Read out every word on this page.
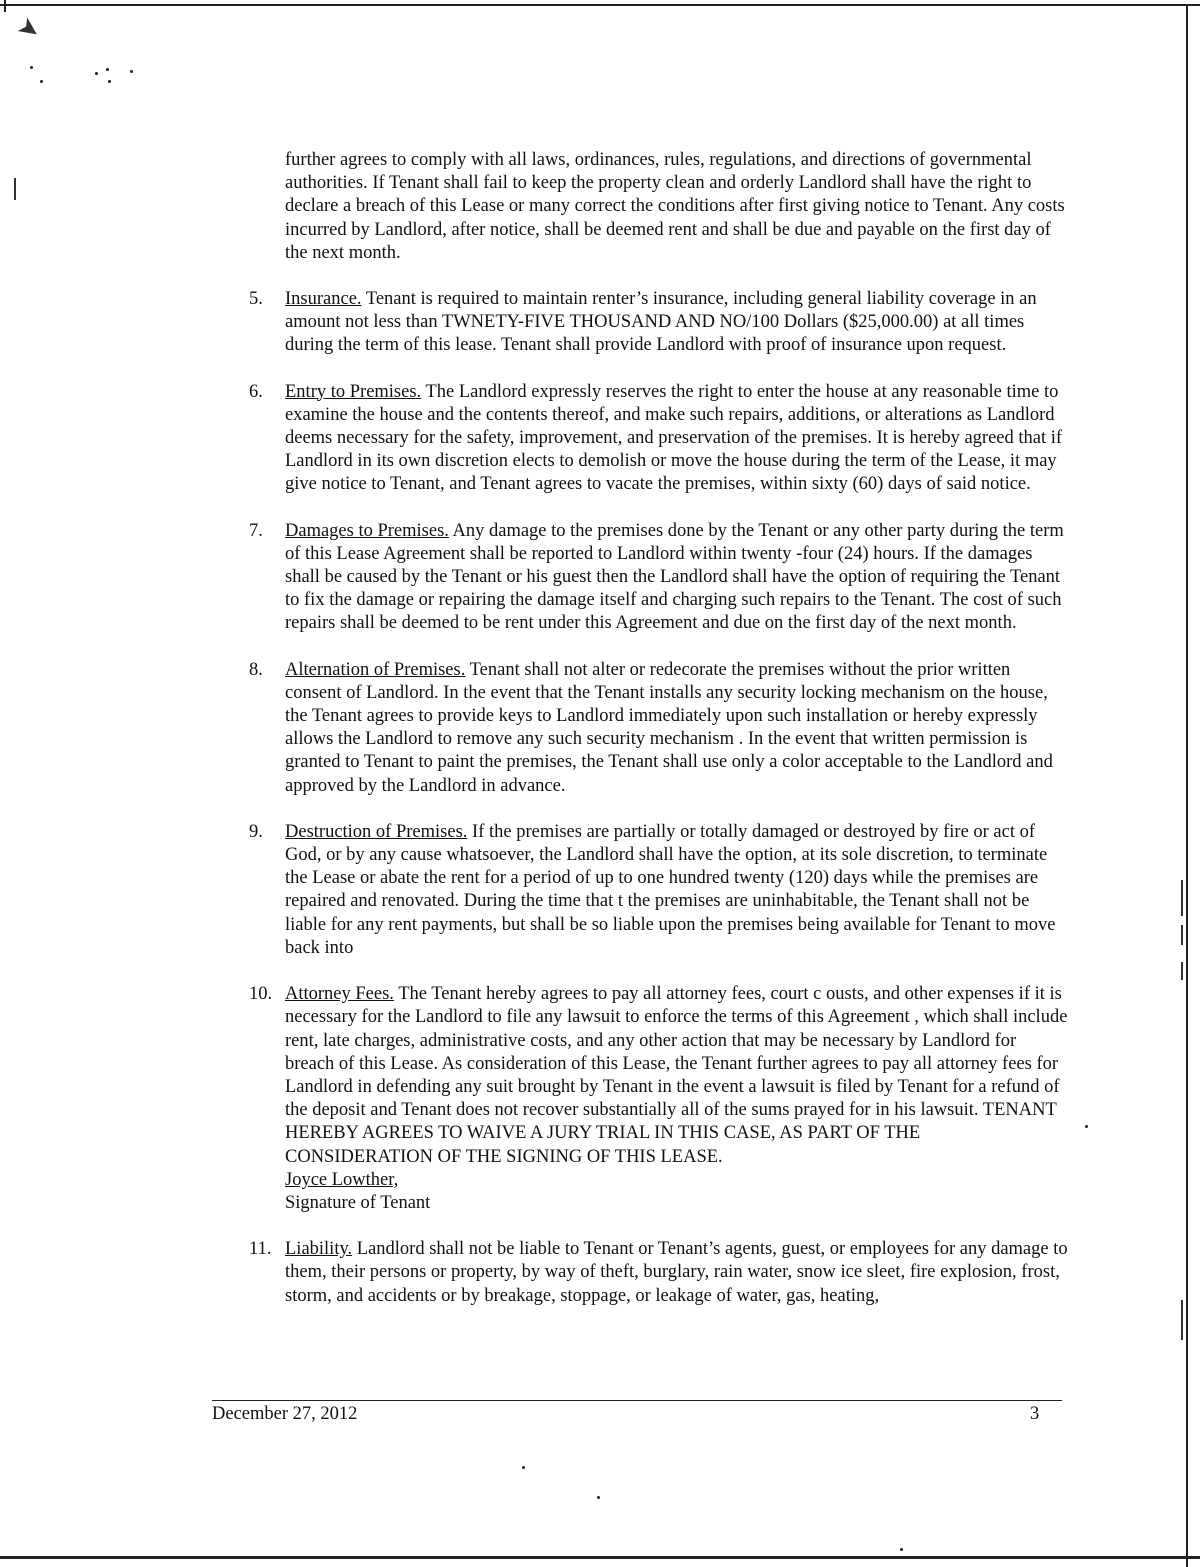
➤
further agrees to comply with all laws, ordinances, rules, regulations, and directions of governmental authorities. If Tenant shall fail to keep the property clean and orderly Landlord shall have the right to declare a breach of this Lease or many correct the conditions after first giving notice to Tenant. Any costs incurred by Landlord, after notice, shall be deemed rent and shall be due and payable on the first day of the next month.
5.	Insurance. Tenant is required to maintain renter’s insurance, including general liability coverage in an amount not less than TWNETY-FIVE THOUSAND AND NO/100 Dollars ($25,000.00) at all times during the term of this lease. Tenant shall provide Landlord with proof of insurance upon request.
6.	Entry to Premises. The Landlord expressly reserves the right to enter the house at any reasonable time to examine the house and the contents thereof, and make such repairs, additions, or alterations as Landlord deems necessary for the safety, improvement, and preservation of the premises. It is hereby agreed that if Landlord in its own discretion elects to demolish or move the house during the term of the Lease, it may give notice to Tenant, and Tenant agrees to vacate the premises, within sixty (60) days of said notice.
7.	Damages to Premises. Any damage to the premises done by the Tenant or any other party during the term of this Lease Agreement shall be reported to Landlord within twenty -four (24) hours. If the damages shall be caused by the Tenant or his guest then the Landlord shall have the option of requiring the Tenant to fix the damage or repairing the damage itself and charging such repairs to the Tenant. The cost of such repairs shall be deemed to be rent under this Agreement and due on the first day of the next month.
8.	Alternation of Premises. Tenant shall not alter or redecorate the premises without the prior written consent of Landlord. In the event that the Tenant installs any security locking mechanism on the house, the Tenant agrees to provide keys to Landlord immediately upon such installation or hereby expressly allows the Landlord to remove any such security mechanism . In the event that written permission is granted to Tenant to paint the premises, the Tenant shall use only a color acceptable to the Landlord and approved by the Landlord in advance.
9.	Destruction of Premises. If the premises are partially or totally damaged or destroyed by fire or act of God, or by any cause whatsoever, the Landlord shall have the option, at its sole discretion, to terminate the Lease or abate the rent for a period of up to one hundred twenty (120) days while the premises are repaired and renovated. During the time that t the premises are uninhabitable, the Tenant shall not be liable for any rent payments, but shall be so liable upon the premises being available for Tenant to move back into
10. Attorney Fees. The Tenant hereby agrees to pay all attorney fees, court c ousts, and other expenses if it is necessary for the Landlord to file any lawsuit to enforce the terms of this Agreement , which shall include rent, late charges, administrative costs, and any other action that may be necessary by Landlord for breach of this Lease. As consideration of this Lease, the Tenant further agrees to pay all attorney fees for Landlord in defending any suit brought by Tenant in the event a lawsuit is filed by Tenant for a refund of the deposit and Tenant does not recover substantially all of the sums prayed for in his lawsuit. TENANT HEREBY AGREES TO WAIVE A JURY TRIAL IN THIS CASE, AS PART OF THE CONSIDERATION OF THE SIGNING OF THIS LEASE.
Joyce Lowther,
Signature of Tenant
11. Liability. Landlord shall not be liable to Tenant or Tenant’s agents, guest, or employees for any damage to them, their persons or property, by way of theft, burglary, rain water, snow ice sleet, fire explosion, frost, storm, and accidents or by breakage, stoppage, or leakage of water, gas, heating,
December 27, 2012	3
